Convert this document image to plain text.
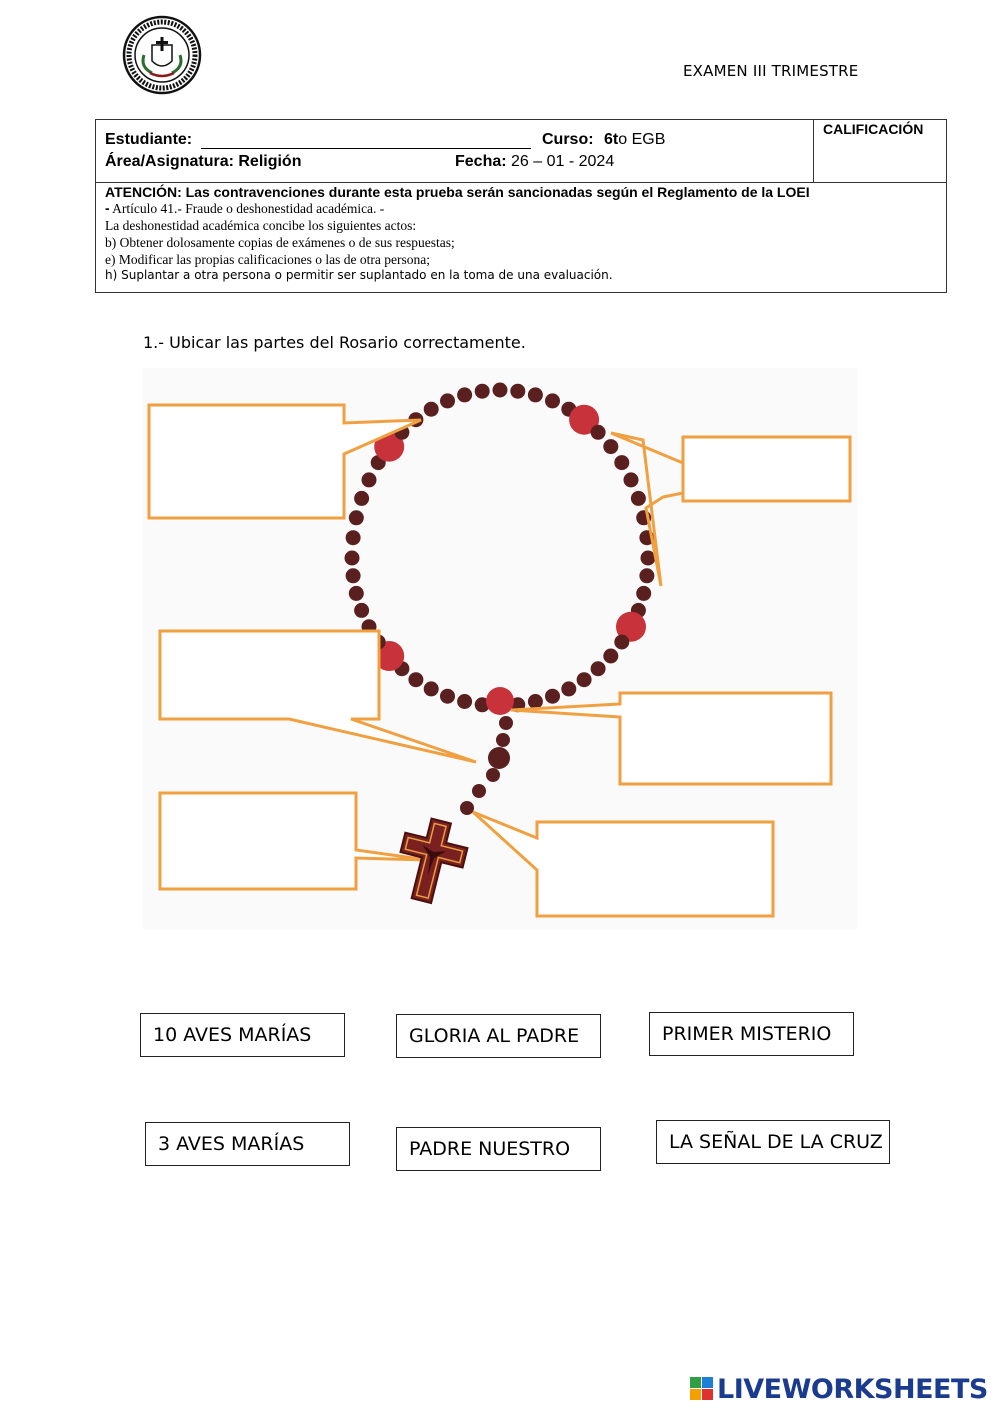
EXAMEN III TRIMESTRE
Estudiante:	Curso: 6to EGB
Área/Asignatura: Religión	Fecha: 26 – 01 - 2024
CALIFICACIÓN
ATENCIÓN: Las contravenciones durante esta prueba serán sancionadas según el Reglamento de la LOEI
- Artículo 41.- Fraude o deshonestidad académica. -
La deshonestidad académica concibe los siguientes actos:
b) Obtener dolosamente copias de exámenes o de sus respuestas;
e) Modificar las propias calificaciones o las de otra persona;
h) Suplantar a otra persona o permitir ser suplantado en la toma de una evaluación.
1.- Ubicar las partes del Rosario correctamente.
10 AVES MARÍAS	GLORIA AL PADRE	PRIMER MISTERIO
3 AVES MARÍAS	PADRE NUESTRO	LA SEÑAL DE LA CRUZ
LIVEWORKSHEETS
